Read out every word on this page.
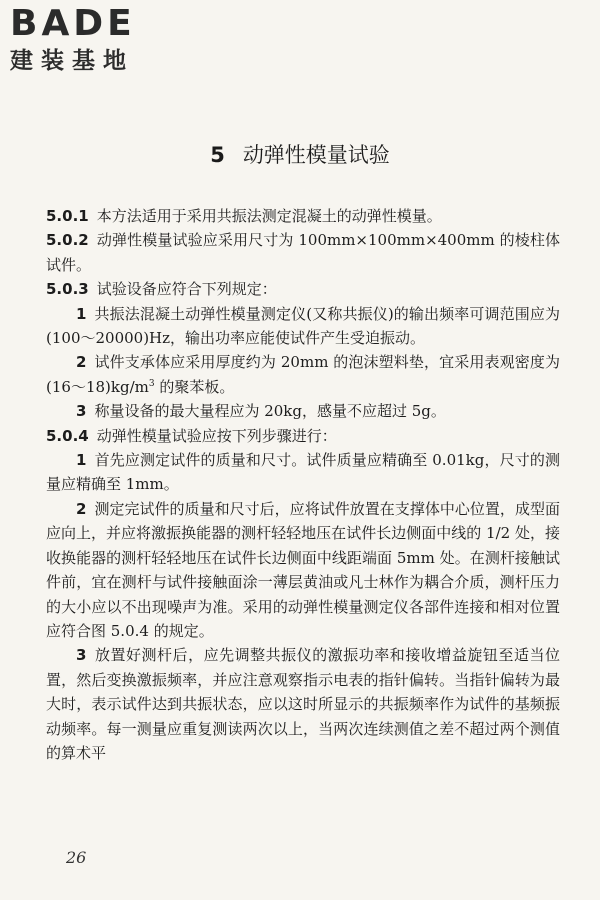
BADE
建装基地
5 动弹性模量试验

5.0.1 本方法适用于采用共振法测定混凝土的动弹性模量。

5.0.2 动弹性模量试验应采用尺寸为 100mm×100mm×400mm 的棱柱体试件。

5.0.3 试验设备应符合下列规定：

1 共振法混凝土动弹性模量测定仪(又称共振仪)的输出频率可调范围应为(100～20000)Hz，输出功率应能使试件产生受迫振动。

2 试件支承体应采用厚度约为 20mm 的泡沫塑料垫，宜采用表观密度为$(16\sim 18)kg/m^3$ 的聚苯板。

3 称量设备的最大量程应为 20kg，感量不应超过 5g。

5.0.4 动弹性模量试验应按下列步骤进行：

1 首先应测定试件的质量和尺寸。试件质量应精确至 0.01kg，尺寸的测量应精确至 1mm。

2 测定完试件的质量和尺寸后，应将试件放置在支撑体中心位置，成型面应向上，并应将激振换能器的测杆轻轻地压在试件长边侧面中线的 1/2 处，接收换能器的测杆轻轻地压在试件长边侧面中线距端面 5mm 处。在测杆接触试件前，宜在测杆与试件接触面涂一薄层黄油或凡士林作为耦合介质，测杆压力的大小应以不出现噪声为准。采用的动弹性模量测定仪各部件连接和相对位置应符合图 5.0.4 的规定。

3 放置好测杆后，应先调整共振仪的激振功率和接收增益旋钮至适当位置，然后变换激振频率，并应注意观察指示电表的指针偏转。当指针偏转为最大时，表示试件达到共振状态，应以这时所显示的共振频率作为试件的基频振动频率。每一测量应重复测读两次以上，当两次连续测值之差不超过两个测值的算术平

26
